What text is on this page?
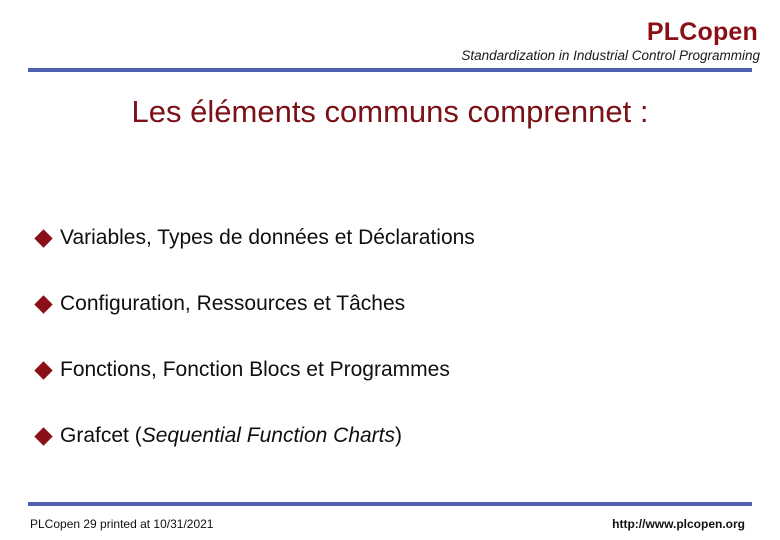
PLCopen
Standardization in Industrial Control Programming
Les éléments communs comprennet :
Variables, Types de données et Déclarations
Configuration, Ressources et Tâches
Fonctions, Fonction Blocs et Programmes
Grafcet ( Sequential Function Charts )
PLCopen 29 printed at 10/31/2021	http://www.plcopen.org
